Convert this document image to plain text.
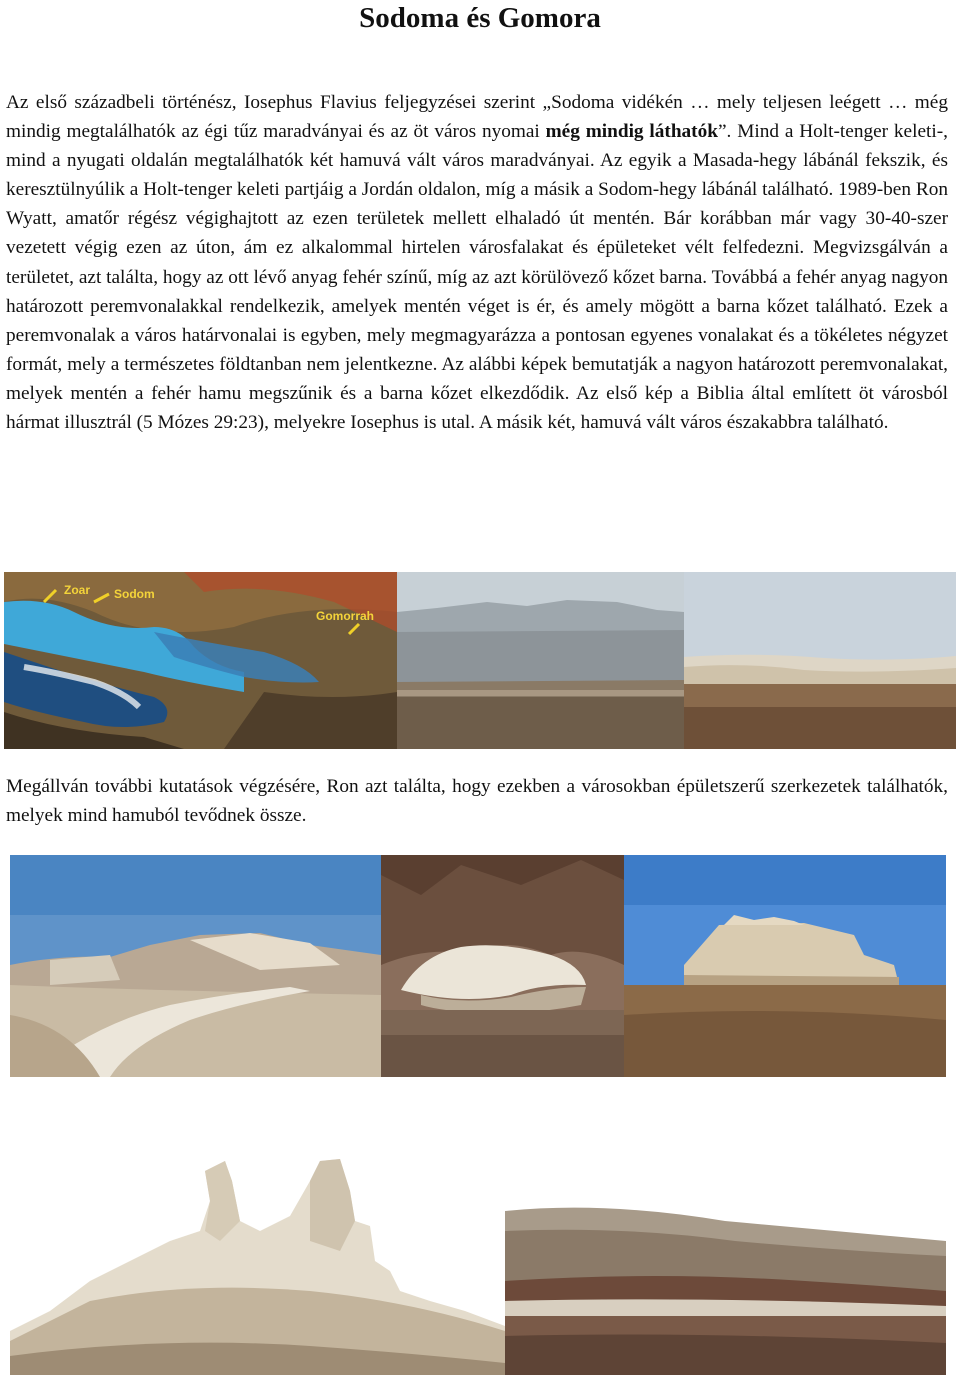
Sodoma és Gomora

Az első századbeli történész, Iosephus Flavius feljegyzései szerint „Sodoma vidékén … mely teljesen leégett … még mindig megtalálhatók az égi tűz maradványai és az öt város nyomai még mindig láthatók”. Mind a Holt-tenger keleti-, mind a nyugati oldalán megtalálhatók két hamuvá vált város maradványai. Az egyik a Masada-hegy lábánál fekszik, és keresztülnyúlik a Holt-tenger keleti partjáig a Jordán oldalon, míg a másik a Sodom-hegy lábánál található. 1989-ben Ron Wyatt, amatőr régész végighajtott az ezen területek mellett elhaladó út mentén. Bár korábban már vagy 30-40-szer vezetett végig ezen az úton, ám ez alkalommal hirtelen városfalakat és épületeket vélt felfedezni. Megvizsgálván a területet, azt találta, hogy az ott lévő anyag fehér színű, míg az azt körülövező kőzet barna. Továbbá a fehér anyag nagyon határozott peremvonalakkal rendelkezik, amelyek mentén véget is ér, és amely mögött a barna kőzet található. Ezek a peremvonalak a város határvonalai is egyben, mely megmagyarázza a pontosan egyenes vonalakat és a tökéletes négyzet formát, mely a természetes földtanban nem jelentkezne. Az alábbi képek bemutatják a nagyon határozott peremvonalakat, melyek mentén a fehér hamu megszűnik és a barna kőzet elkezdődik. Az első kép a Biblia által említett öt városból hármat illusztrál (5 Mózes 29:23), melyekre Iosephus is utal. A másik két, hamuvá vált város északabbra található.

Zoar Sodom
Gomorrah

Megállván további kutatások végzésére, Ron azt találta, hogy ezekben a városokban épületszerű szerkezetek találhatók, melyek mind hamuból tevődnek össze.
